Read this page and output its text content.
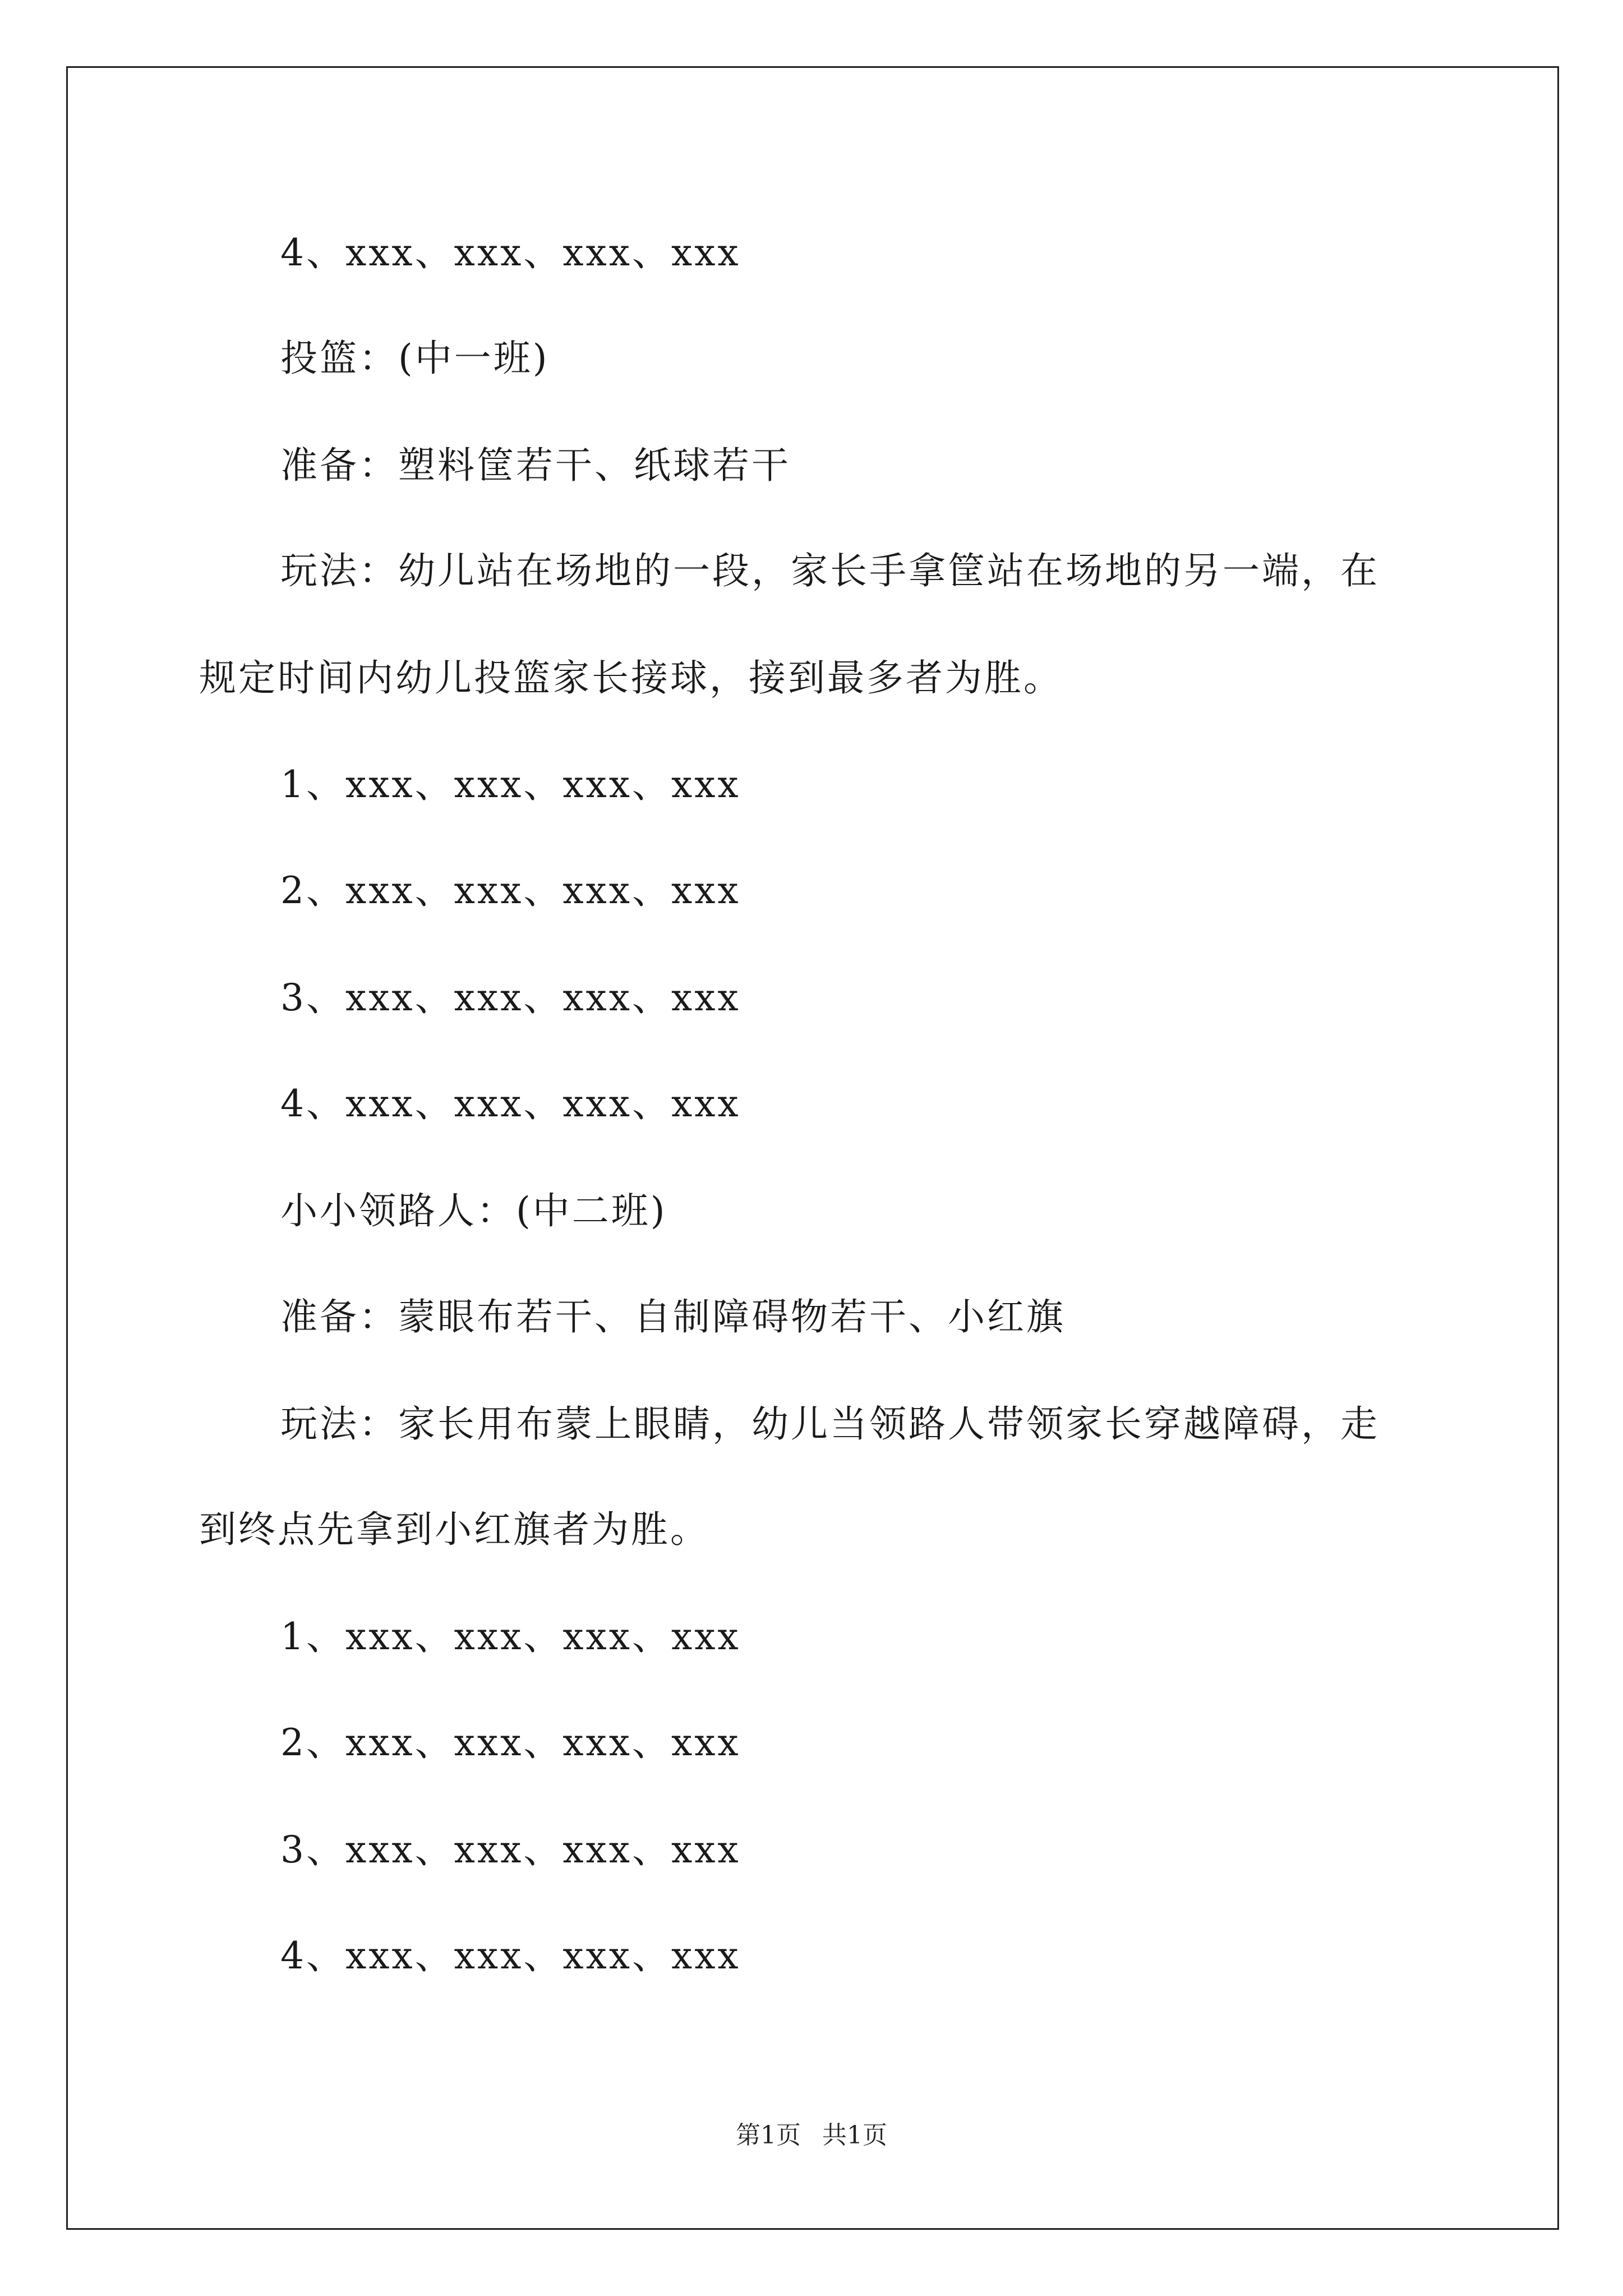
4、xxx、xxx、xxx、xxx
投篮：(中一班)
准备：塑料筐若干、纸球若干
玩法：幼儿站在场地的一段，家长手拿筐站在场地的另一端，在
规定时间内幼儿投篮家长接球，接到最多者为胜。
1、xxx、xxx、xxx、xxx
2、xxx、xxx、xxx、xxx
3、xxx、xxx、xxx、xxx
4、xxx、xxx、xxx、xxx
小小领路人：(中二班)
准备：蒙眼布若干、自制障碍物若干、小红旗
玩法：家长用布蒙上眼睛，幼儿当领路人带领家长穿越障碍，走
到终点先拿到小红旗者为胜。
1、xxx、xxx、xxx、xxx
2、xxx、xxx、xxx、xxx
3、xxx、xxx、xxx、xxx
4、xxx、xxx、xxx、xxx
第1页 共1页
